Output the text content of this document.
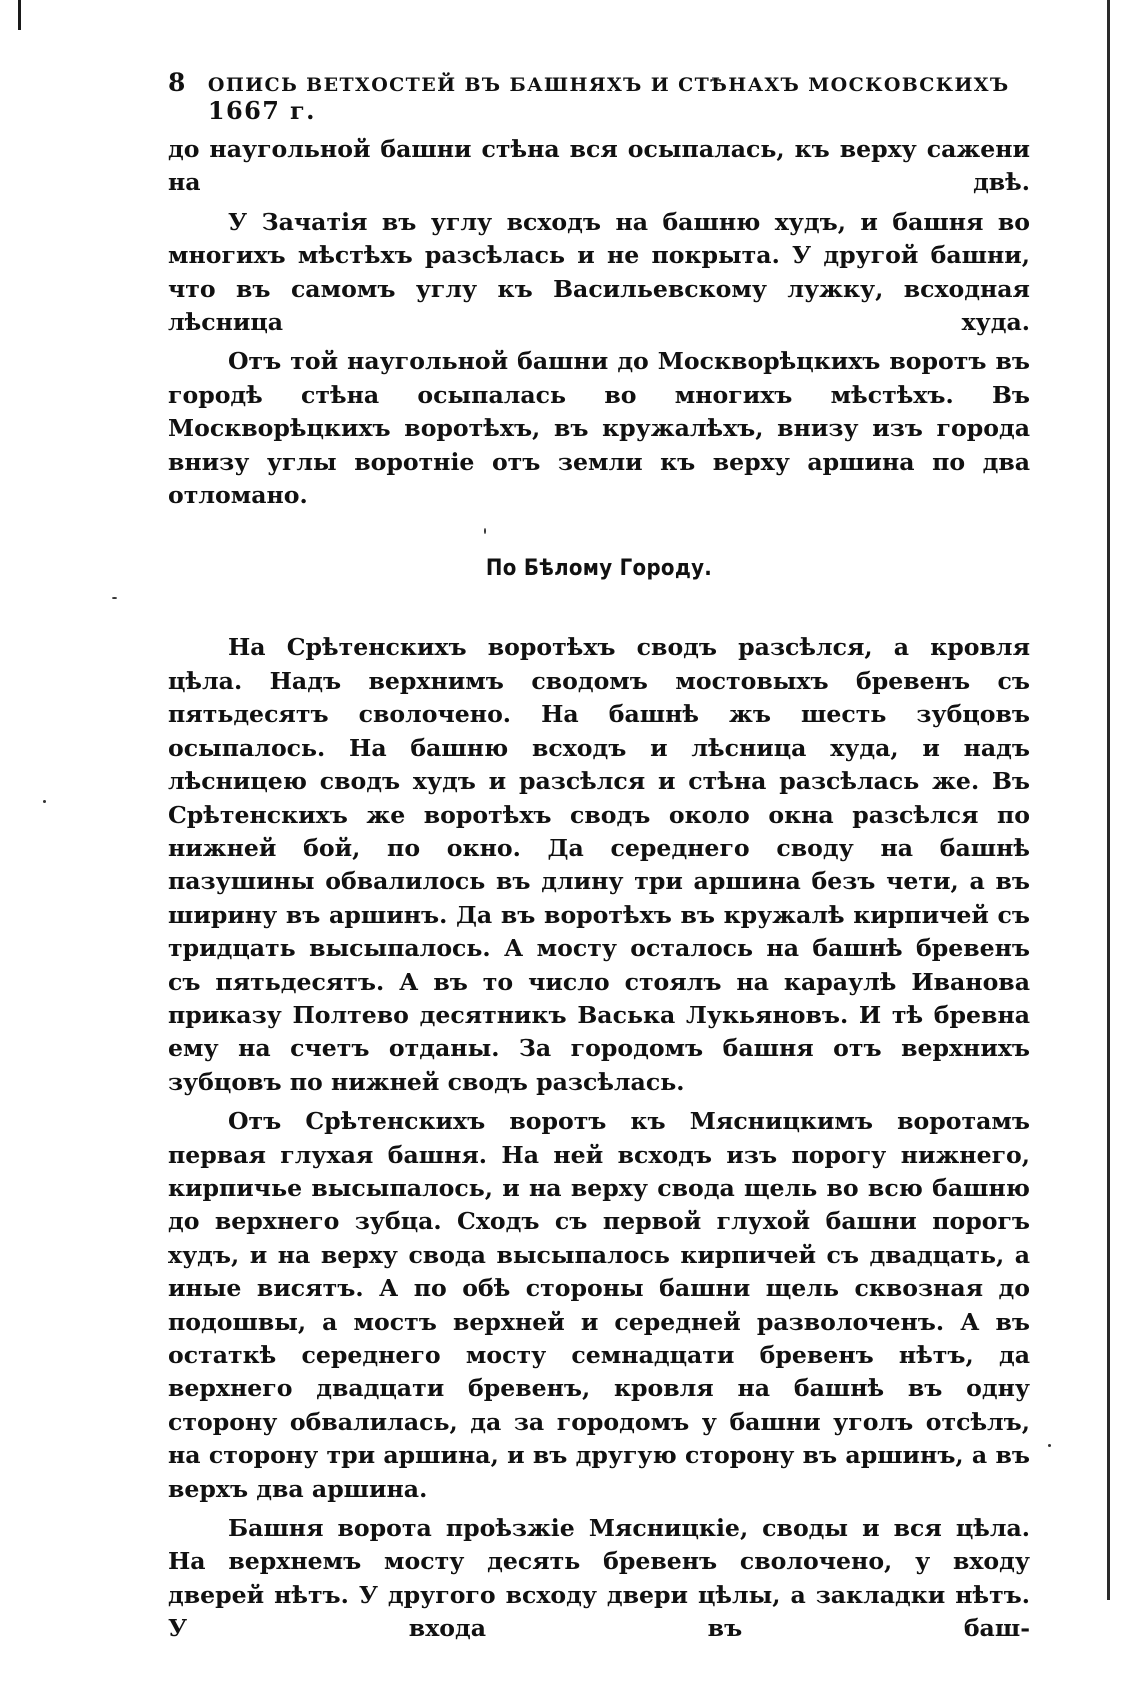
8 ОПИСЬ ВЕТХОСТЕЙ ВЪ БАШНЯХЪ И СТѢНАХЪ МОСКОВСКИХЪ 1667 г.

до наугольной башни стѣна вся осыпалась, къ верху сажени на двѣ.

У Зачатія въ углу всходъ на башню худъ, и башня во многихъ мѣстѣхъ разсѣлась и не покрыта. У другой башни, что въ самомъ углу къ Васильевскому лужку, всходная лѣсница худа.

Отъ той наугольной башни до Москворѣцкихъ воротъ въ городѣ стѣна осыпалась во многихъ мѣстѣхъ. Въ Москворѣцкихъ воротѣхъ, въ кружалѣхъ, внизу изъ города внизу углы воротніе отъ земли къ верху аршина по два отломано.

По Бѣлому Городу.

На Срѣтенскихъ воротѣхъ сводъ разсѣлся, а кровля цѣла. Надъ верхнимъ сводомъ мостовыхъ бревенъ съ пятьдесятъ сволочено. На башнѣ жъ шесть зубцовъ осыпалось. На башню всходъ и лѣсница худа, и надъ лѣсницею сводъ худъ и разсѣлся и стѣна разсѣлась же. Въ Срѣтенскихъ же воротѣхъ сводъ около окна разсѣлся по нижней бой, по окно. Да середнего своду на башнѣ пазушины обвалилось въ длину три аршина безъ чети, а въ ширину въ аршинъ. Да въ воротѣхъ въ кружалѣ кирпичей съ тридцать высыпалось. А мосту осталось на башнѣ бревенъ съ пятьдесятъ. А въ то число стоялъ на караулѣ Иванова приказу Полтево десятникъ Васька Лукьяновъ. И тѣ бревна ему на счетъ отданы. За городомъ башня отъ верхнихъ зубцовъ по нижней сводъ разсѣлась.

Отъ Срѣтенскихъ воротъ къ Мясницкимъ воротамъ первая глухая башня. На ней всходъ изъ порогу нижнего, кирпичье высыпалось, и на верху свода щель во всю башню до верхнего зубца. Сходъ съ первой глухой башни порогъ худъ, и на верху свода высыпалось кирпичей съ двадцать, а иные висятъ. А по обѣ стороны башни щель сквозная до подошвы, а мостъ верхней и середней разволоченъ. А въ остаткѣ середнего мосту семнадцати бревенъ нѣтъ, да верхнего двадцати бревенъ, кровля на башнѣ въ одну сторону обвалилась, да за городомъ у башни уголъ отсѣлъ, на сторону три аршина, и въ другую сторону въ аршинъ, а въ верхъ два аршина.

Башня ворота проѣзжіе Мясницкіе, своды и вся цѣла. На верхнемъ мосту десять бревенъ сволочено, у входу дверей нѣтъ. У другого всходу двери цѣлы, а закладки нѣтъ. У входа въ баш-
